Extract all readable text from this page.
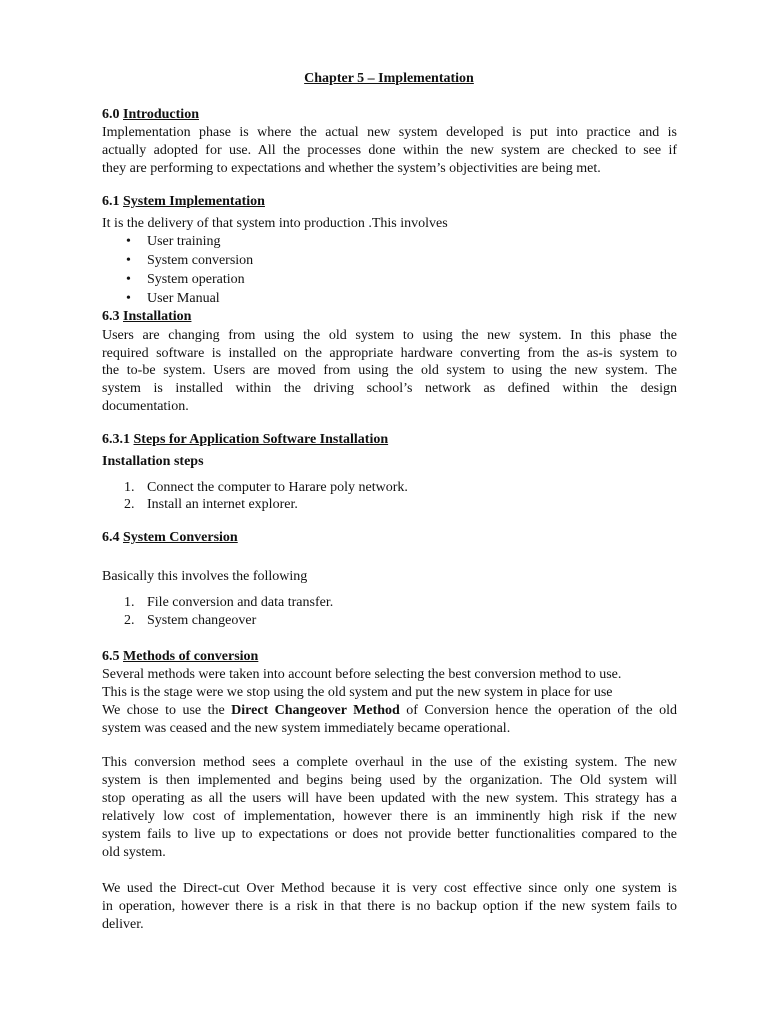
Chapter 5 – Implementation
6.0 Introduction
Implementation phase is where the actual new system developed is put into practice and is
actually adopted for use. All the processes done within the new system are checked to see if
they are performing to expectations and whether the system’s objectivities are being met.
6.1 System Implementation
It is the delivery of that system into production .This involves
User training
System conversion
System operation
User Manual
6.3 Installation
Users are changing from using the old system to using the new system. In this phase the
required software is installed on the appropriate hardware converting from the as-is system to
the to-be system. Users are moved from using the old system to using the new system. The
system is installed within the driving school’s network as defined within the design
documentation.
6.3.1 Steps for Application Software Installation
Installation steps
1. Connect the computer to Harare poly network.
2. Install an internet explorer.
6.4 System Conversion
Basically this involves the following
1. File conversion and data transfer.
2. System changeover
6.5 Methods of conversion
Several methods were taken into account before selecting the best conversion method to use.
This is the stage were we stop using the old system and put the new system in place for use
We chose to use the Direct Changeover Method of Conversion hence the operation of the old
system was ceased and the new system immediately became operational.
This conversion method sees a complete overhaul in the use of the existing system. The new
system is then implemented and begins being used by the organization. The Old system will
stop operating as all the users will have been updated with the new system. This strategy has a
relatively low cost of implementation, however there is an imminently high risk if the new
system fails to live up to expectations or does not provide better functionalities compared to the
old system.
We used the Direct-cut Over Method because it is very cost effective since only one system is
in operation, however there is a risk in that there is no backup option if the new system fails to
deliver.
